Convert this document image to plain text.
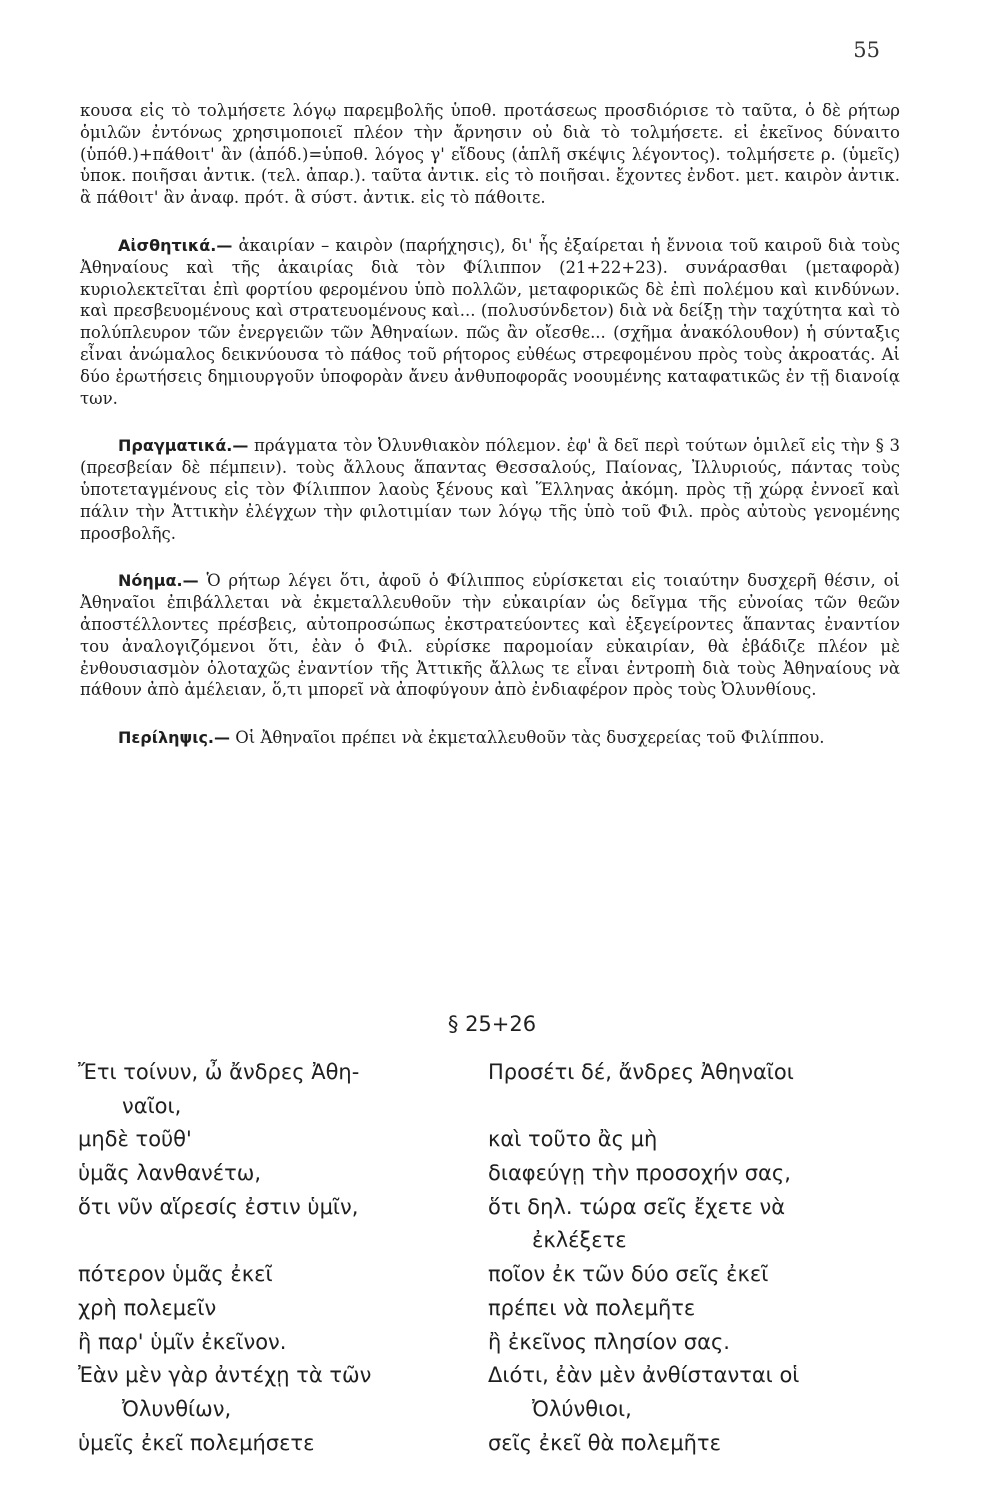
55

κουσα εἰς τὸ τολμήσετε λόγῳ παρεμβολῆς ὑποθ. προτάσεως προσδιόρισε τὸ ταῦτα, ὁ δὲ ρήτωρ ὁμιλῶν ἐντόνως χρησιμοποιεῖ πλέον τὴν ἄρνησιν οὐ διὰ τὸ τολμήσετε. εἰ ἐκεῖνος δύναιτο (ὑπόθ.)+πάθοιτ' ἂν (ἀπόδ.)=ὑποθ. λόγος γ' εἴδους (ἁπλῆ σκέψις λέγοντος). τολμήσετε ρ. (ὑμεῖς) ὑποκ. ποιῆσαι ἀντικ. (τελ. ἀπαρ.). ταῦτα ἀντικ. εἰς τὸ ποιῆσαι. ἔχοντες ἐνδοτ. μετ. καιρὸν ἀντικ. ἃ πάθοιτ' ἂν ἀναφ. πρότ. ἃ σύστ. ἀντικ. εἰς τὸ πάθοιτε.

Αἰσθητικά.— ἀκαιρίαν – καιρὸν (παρήχησις), δι' ἧς ἐξαίρεται ἡ ἔννοια τοῦ καιροῦ διὰ τοὺς Ἀθηναίους καὶ τῆς ἀκαιρίας διὰ τὸν Φίλιππον (21+22+23). συνάρασθαι (μεταφορὰ) κυριολεκτεῖται ἐπὶ φορτίου φερομένου ὑπὸ πολλῶν, μεταφορικῶς δὲ ἐπὶ πολέμου καὶ κινδύνων. καὶ πρεσβευομένους καὶ στρατευομένους καὶ... (πολυσύνδετον) διὰ νὰ δείξῃ τὴν ταχύτητα καὶ τὸ πολύπλευρον τῶν ἐνεργειῶν τῶν Ἀθηναίων. πῶς ἂν οἴεσθε... (σχῆμα ἀνακόλουθον) ἡ σύνταξις εἶναι ἀνώμαλος δεικνύουσα τὸ πάθος τοῦ ρήτορος εὐθέως στρεφομένου πρὸς τοὺς ἀκροατάς. Αἱ δύο ἐρωτήσεις δημιουργοῦν ὑποφορὰν ἄνευ ἀνθυποφορᾶς νοουμένης καταφατικῶς ἐν τῇ διανοίᾳ των.

Πραγματικά.— πράγματα τὸν Ὀλυνθιακὸν πόλεμον. ἐφ' ἃ δεῖ περὶ τούτων ὁμιλεῖ εἰς τὴν § 3 (πρεσβείαν δὲ πέμπειν). τοὺς ἄλλους ἅπαντας Θεσσαλούς, Παίονας, Ἰλλυριούς, πάντας τοὺς ὑποτεταγμένους εἰς τὸν Φίλιππον λαοὺς ξένους καὶ Ἕλληνας ἀκόμη. πρὸς τῇ χώρᾳ ἐννοεῖ καὶ πάλιν τὴν Ἀττικὴν ἐλέγχων τὴν φιλοτιμίαν των λόγῳ τῆς ὑπὸ τοῦ Φιλ. πρὸς αὐτοὺς γενομένης προσβολῆς.

Νόημα.— Ὁ ρήτωρ λέγει ὅτι, ἀφοῦ ὁ Φίλιππος εὑρίσκεται εἰς τοιαύτην δυσχερῆ θέσιν, οἱ Ἀθηναῖοι ἐπιβάλλεται νὰ ἐκμεταλλευθοῦν τὴν εὐκαιρίαν ὡς δεῖγμα τῆς εὐνοίας τῶν θεῶν ἀποστέλλοντες πρέσβεις, αὐτοπροσώπως ἐκστρατεύοντες καὶ ἐξεγείροντες ἅπαντας ἐναντίον του ἀναλογιζόμενοι ὅτι, ἐὰν ὁ Φιλ. εὑρίσκε παρομοίαν εὐκαιρίαν, θὰ ἐβάδιζε πλέον μὲ ἐνθουσιασμὸν ὁλοταχῶς ἐναντίον τῆς Ἀττικῆς ἄλλως τε εἶναι ἐντροπὴ διὰ τοὺς Ἀθηναίους νὰ πάθουν ἀπὸ ἀμέλειαν, ὅ,τι μπορεῖ νὰ ἀποφύγουν ἀπὸ ἐνδιαφέρον πρὸς τοὺς Ὀλυνθίους.

Περίληψις.— Οἱ Ἀθηναῖοι πρέπει νὰ ἐκμεταλλευθοῦν τὰς δυσχερείας τοῦ Φιλίππου.

§ 25+26
Ἔτι τοίνυν, ὦ ἄνδρες Ἀθη-
ναῖοι,
μηδὲ τοῦθ'
ὑμᾶς λανθανέτω,
ὅτι νῦν αἵρεσίς ἐστιν ὑμῖν,
πότερον ὑμᾶς ἐκεῖ
χρὴ πολεμεῖν
ἢ παρ' ὑμῖν ἐκεῖνον.
Ἐὰν μὲν γὰρ ἀντέχῃ τὰ τῶν
Ὀλυνθίων,
ὑμεῖς ἐκεῖ πολεμήσετε
Προσέτι δέ, ἄνδρες Ἀθηναῖοι
καὶ τοῦτο ἂς μὴ
διαφεύγῃ τὴν προσοχήν σας,
ὅτι δηλ. τώρα σεῖς ἔχετε νὰ
ἐκλέξετε
ποῖον ἐκ τῶν δύο σεῖς ἐκεῖ
πρέπει νὰ πολεμῆτε
ἢ ἐκεῖνος πλησίον σας.
Διότι, ἐὰν μὲν ἀνθίστανται οἱ
Ὀλύνθιοι,
σεῖς ἐκεῖ θὰ πολεμῆτε
